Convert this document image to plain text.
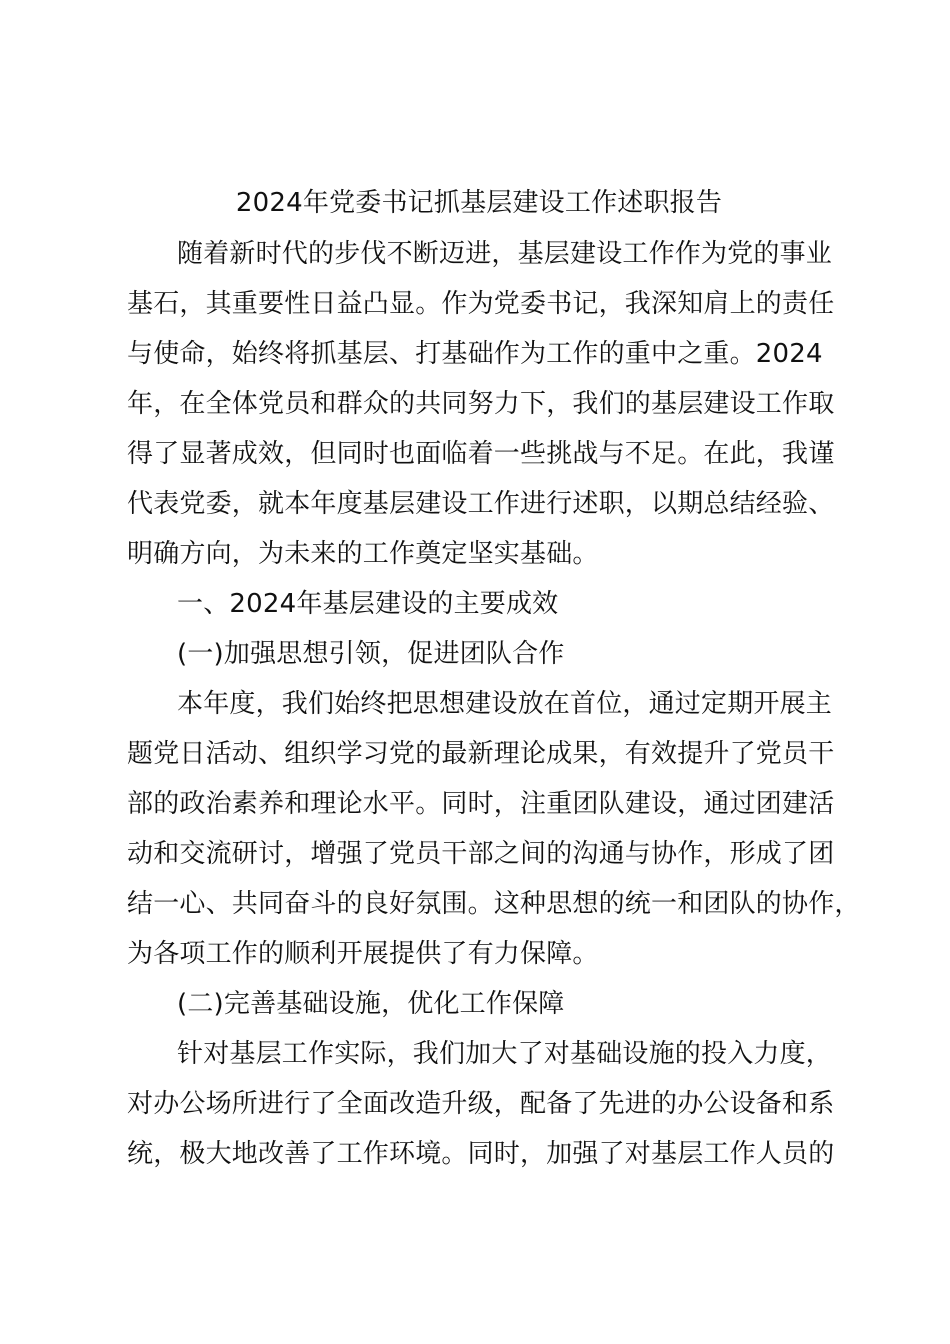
2024年党委书记抓基层建设工作述职报告
随着新时代的步伐不断迈进，基层建设工作作为党的事业
基石，其重要性日益凸显。作为党委书记，我深知肩上的责任
与使命，始终将抓基层、打基础作为工作的重中之重。2024
年，在全体党员和群众的共同努力下，我们的基层建设工作取
得了显著成效，但同时也面临着一些挑战与不足。在此，我谨
代表党委，就本年度基层建设工作进行述职，以期总结经验、
明确方向，为未来的工作奠定坚实基础。
一、2024年基层建设的主要成效
(一)加强思想引领，促进团队合作
本年度，我们始终把思想建设放在首位，通过定期开展主
题党日活动、组织学习党的最新理论成果，有效提升了党员干
部的政治素养和理论水平。同时，注重团队建设，通过团建活
动和交流研讨，增强了党员干部之间的沟通与协作，形成了团
结一心、共同奋斗的良好氛围。这种思想的统一和团队的协作，
为各项工作的顺利开展提供了有力保障。
(二)完善基础设施，优化工作保障
针对基层工作实际，我们加大了对基础设施的投入力度，
对办公场所进行了全面改造升级，配备了先进的办公设备和系
统，极大地改善了工作环境。同时，加强了对基层工作人员的
